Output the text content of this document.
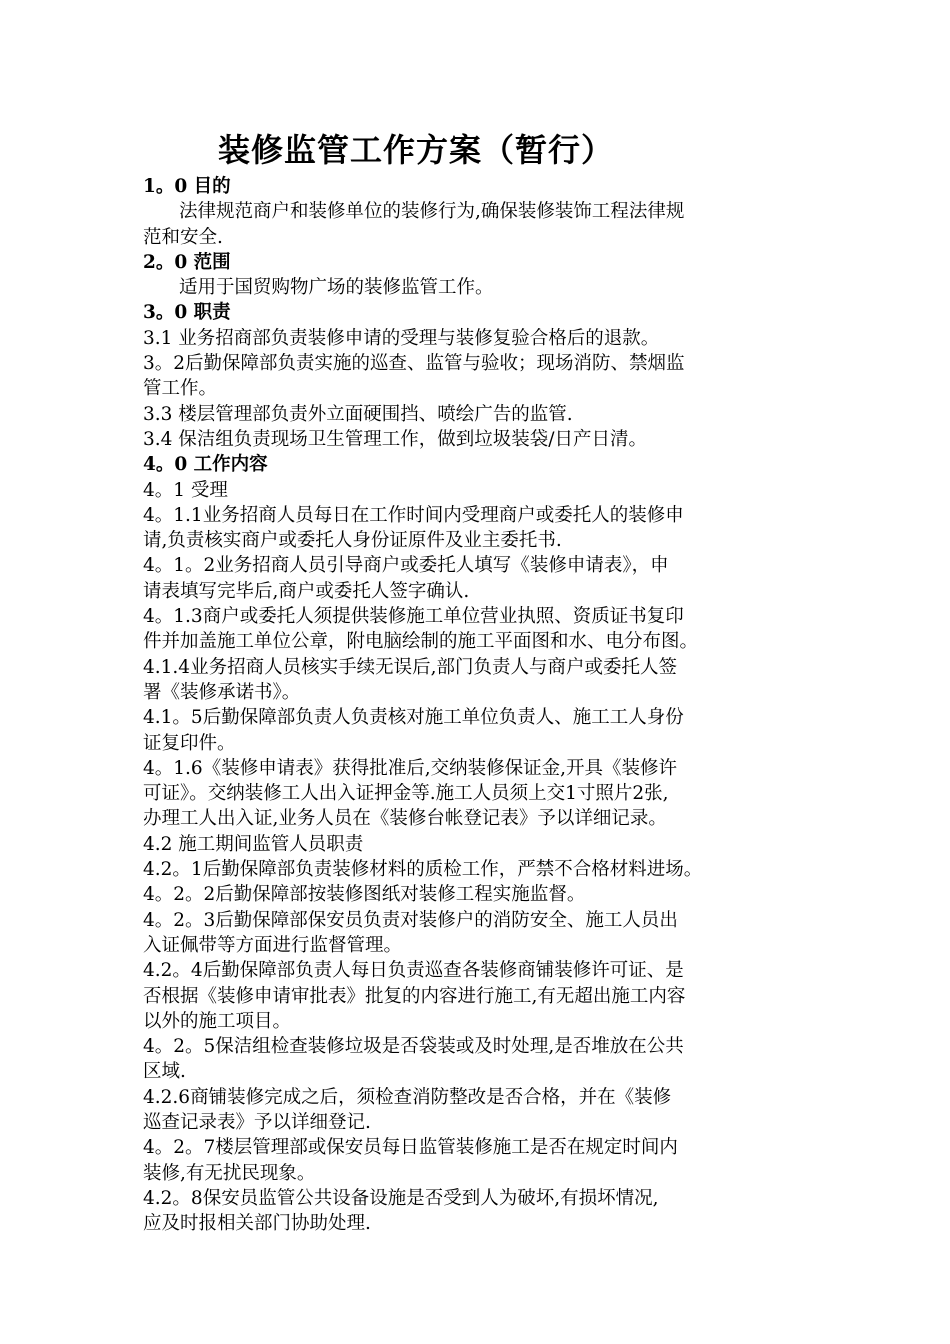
装修监管工作方案（暂行）
1。0 目的
法律规范商户和装修单位的装修行为,确保装修装饰工程法律规
范和安全.
2。0 范围
适用于国贸购物广场的装修监管工作。
3。0 职责
3.1 业务招商部负责装修申请的受理与装修复验合格后的退款。
3。2后勤保障部负责实施的巡查、监管与验收；现场消防、禁烟监
管工作。
3.3 楼层管理部负责外立面硬围挡、喷绘广告的监管.
3.4 保洁组负责现场卫生管理工作，做到垃圾装袋/日产日清。
4。0 工作内容
4。1 受理
4。1.1业务招商人员每日在工作时间内受理商户或委托人的装修申
请,负责核实商户或委托人身份证原件及业主委托书.
4。1。2业务招商人员引导商户或委托人填写《装修申请表》，申
请表填写完毕后,商户或委托人签字确认.
4。1.3商户或委托人须提供装修施工单位营业执照、资质证书复印
件并加盖施工单位公章，附电脑绘制的施工平面图和水、电分布图。
4.1.4业务招商人员核实手续无误后,部门负责人与商户或委托人签
署《装修承诺书》。
4.1。5后勤保障部负责人负责核对施工单位负责人、施工工人身份
证复印件。
4。1.6《装修申请表》获得批准后,交纳装修保证金,开具《装修许
可证》。交纳装修工人出入证押金等.施工人员须上交1寸照片2张,
办理工人出入证,业务人员在《装修台帐登记表》予以详细记录。
4.2 施工期间监管人员职责
4.2。1后勤保障部负责装修材料的质检工作，严禁不合格材料进场。
4。2。2后勤保障部按装修图纸对装修工程实施监督。
4。2。3后勤保障部保安员负责对装修户的消防安全、施工人员出
入证佩带等方面进行监督管理。
4.2。4后勤保障部负责人每日负责巡查各装修商铺装修许可证、是
否根据《装修申请审批表》批复的内容进行施工,有无超出施工内容
以外的施工项目。
4。2。5保洁组检查装修垃圾是否袋装或及时处理,是否堆放在公共
区域.
4.2.6商铺装修完成之后，须检查消防整改是否合格，并在《装修
巡查记录表》予以详细登记.
4。2。7楼层管理部或保安员每日监管装修施工是否在规定时间内
装修,有无扰民现象。
4.2。8保安员监管公共设备设施是否受到人为破坏,有损坏情况,
应及时报相关部门协助处理.
